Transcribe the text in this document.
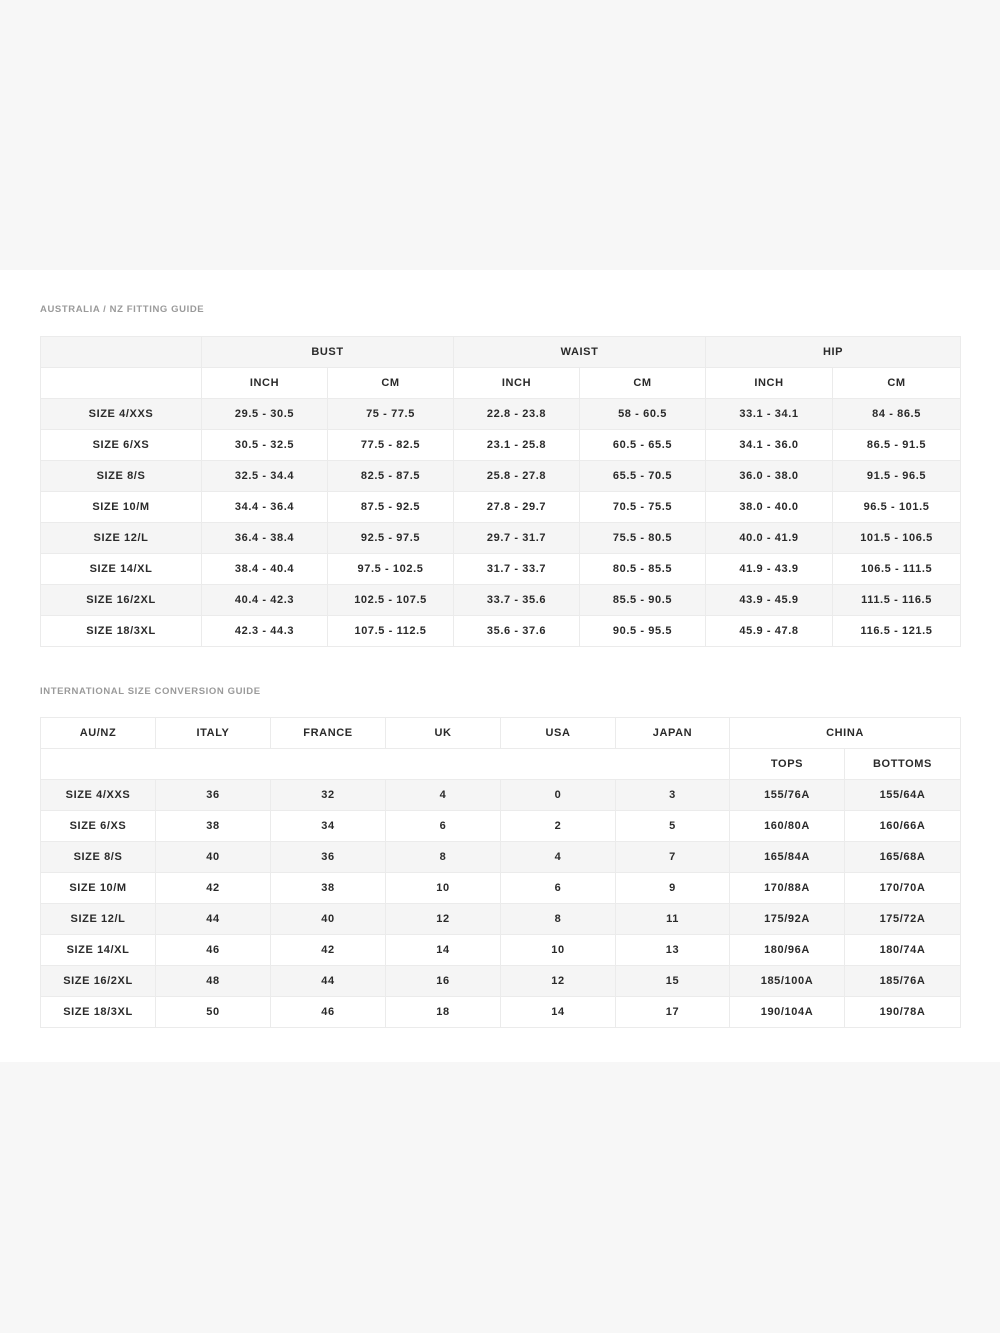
AUSTRALIA / NZ FITTING GUIDE
	BUST		WAIST		HIP	
	INCH	CM	INCH	CM	INCH	CM
SIZE 4/XXS	29.5 - 30.5	75 - 77.5	22.8 - 23.8	58 - 60.5	33.1 - 34.1	84 - 86.5
SIZE 6/XS	30.5 - 32.5	77.5 - 82.5	23.1 - 25.8	60.5 - 65.5	34.1 - 36.0	86.5 - 91.5
SIZE 8/S	32.5 - 34.4	82.5 - 87.5	25.8 - 27.8	65.5 - 70.5	36.0 - 38.0	91.5 - 96.5
SIZE 10/M	34.4 - 36.4	87.5 - 92.5	27.8 - 29.7	70.5 - 75.5	38.0 - 40.0	96.5 - 101.5
SIZE 12/L	36.4 - 38.4	92.5 - 97.5	29.7 - 31.7	75.5 - 80.5	40.0 - 41.9	101.5 - 106.5
SIZE 14/XL	38.4 - 40.4	97.5 - 102.5	31.7 - 33.7	80.5 - 85.5	41.9 - 43.9	106.5 - 111.5
SIZE 16/2XL	40.4 - 42.3	102.5 - 107.5	33.7 - 35.6	85.5 - 90.5	43.9 - 45.9	111.5 - 116.5
SIZE 18/3XL	42.3 - 44.3	107.5 - 112.5	35.6 - 37.6	90.5 - 95.5	45.9 - 47.8	116.5 - 121.5
INTERNATIONAL SIZE CONVERSION GUIDE
AU/NZ	ITALY	FRANCE	UK	USA	JAPAN	CHINA	
						TOPS	BOTTOMS
SIZE 4/XXS	36	32	4	0	3	155/76A	155/64A
SIZE 6/XS	38	34	6	2	5	160/80A	160/66A
SIZE 8/S	40	36	8	4	7	165/84A	165/68A
SIZE 10/M	42	38	10	6	9	170/88A	170/70A
SIZE 12/L	44	40	12	8	11	175/92A	175/72A
SIZE 14/XL	46	42	14	10	13	180/96A	180/74A
SIZE 16/2XL	48	44	16	12	15	185/100A	185/76A
SIZE 18/3XL	50	46	18	14	17	190/104A	190/78A
